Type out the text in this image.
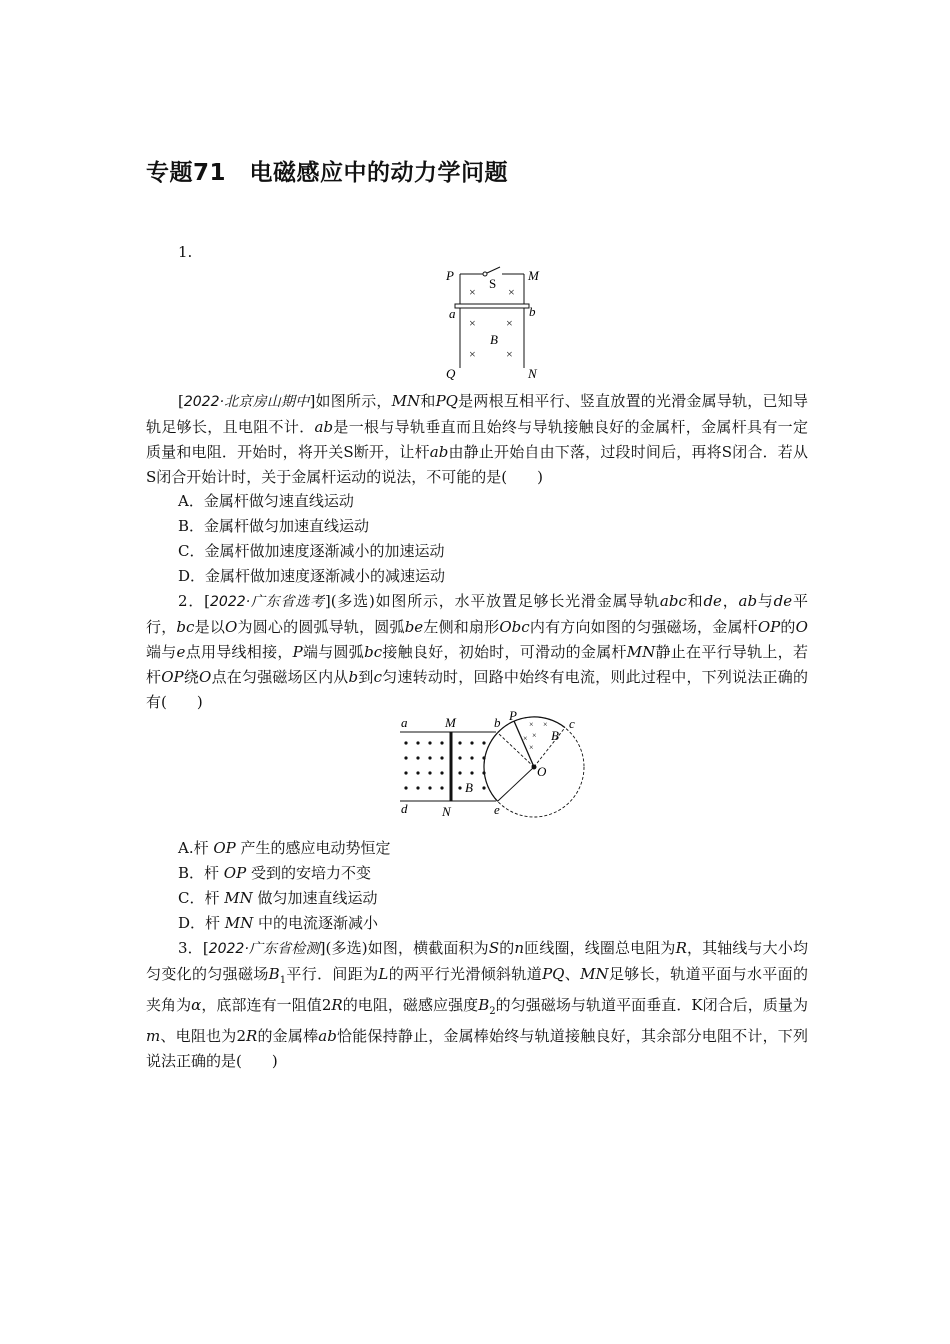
专题71　电磁感应中的动力学问题
1.
P	M
S
×	×
a	b
×	×
B
×	×
Q	N

[2022·北京房山期中]如图所示，MN和PQ是两根互相平行、竖直放置的光滑金属导轨，已知导轨足够长，且电阻不计．ab是一根与导轨垂直而且始终与导轨接触良好的金属杆，金属杆具有一定质量和电阻．开始时，将开关S断开，让杆ab由静止开始自由下落，过段时间后，再将S闭合．若从S闭合开始计时，关于金属杆运动的说法，不可能的是(　　)

A．金属杆做匀速直线运动
B．金属杆做匀加速直线运动
C．金属杆做加速度逐渐减小的加速运动
D．金属杆做加速度逐渐减小的减速运动

2．[2022·广东省选考](多选)如图所示，水平放置足够长光滑金属导轨abc和de，ab与de平行，bc是以O为圆心的圆弧导轨，圆弧be左侧和扇形Obc内有方向如图的匀强磁场，金属杆OP的O端与e点用导线相接，P端与圆弧bc接触良好，初始时，可滑动的金属杆MN静止在平行导轨上，若杆OP绕O点在匀强磁场区内从b到c匀速转动时，回路中始终有电流，则此过程中，下列说法正确的有(　　)

× ×
×
×
×
a	M	b P
c
B
O
B
d	N	e
A.杆 OP 产生的感应电动势恒定
B．杆 OP 受到的安培力不变
C．杆 MN 做匀加速直线运动
D．杆 MN 中的电流逐渐减小

3．[2022·广东省检测](多选)如图，横截面积为S的n匝线圈，线圈总电阻为R，其轴线与大小均匀变化的匀强磁场$B_1$平行．间距为L的两平行光滑倾斜轨道PQ、MN足够长，轨道平面与水平面的夹角为α，底部连有一阻值2R的电阻，磁感应强度$B_2$的匀强磁场与轨道平面垂直．K闭合后，质量为m、电阻也为2R的金属棒ab恰能保持静止，金属棒始终与轨道接触良好，其余部分电阻不计，下列说法正确的是(　　)
